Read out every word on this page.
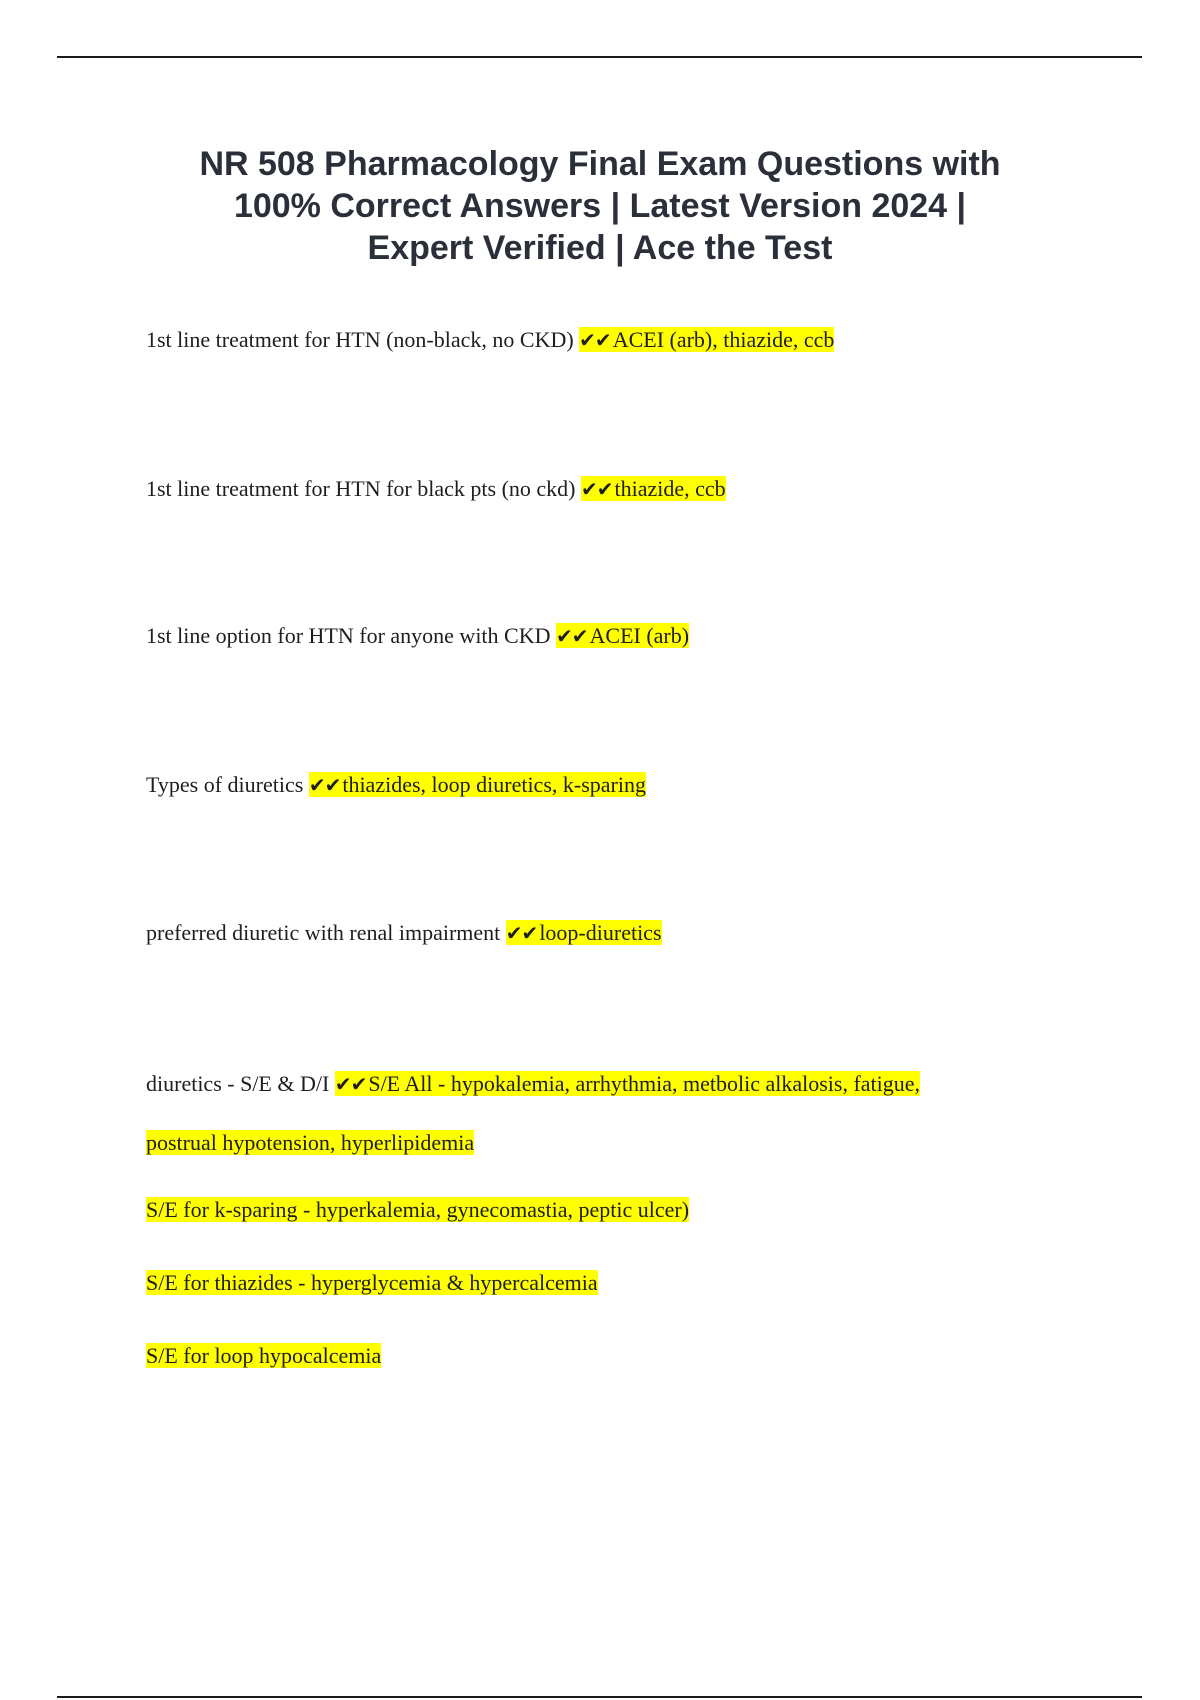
NR 508 Pharmacology Final Exam Questions with
100% Correct Answers | Latest Version 2024 |
Expert Verified | Ace the Test
1st line treatment for HTN (non-black, no CKD) ✔✔ACEI (arb), thiazide, ccb
1st line treatment for HTN for black pts (no ckd) ✔✔thiazide, ccb
1st line option for HTN for anyone with CKD ✔✔ACEI (arb)
Types of diuretics ✔✔thiazides, loop diuretics, k-sparing
preferred diuretic with renal impairment ✔✔loop-diuretics
diuretics - S/E & D/I ✔✔S/E All - hypokalemia, arrhythmia, metbolic alkalosis, fatigue,
postrual hypotension, hyperlipidemia
S/E for k-sparing - hyperkalemia, gynecomastia, peptic ulcer)
S/E for thiazides - hyperglycemia & hypercalcemia
S/E for loop hypocalcemia
